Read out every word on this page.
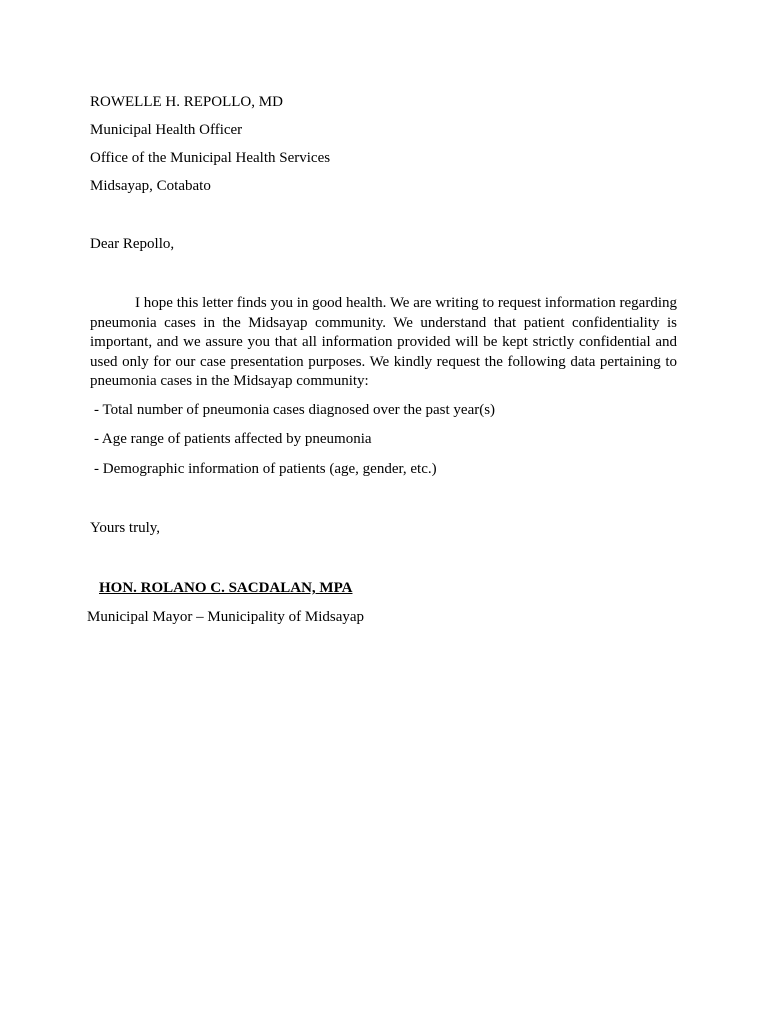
ROWELLE H. REPOLLO, MD
Municipal Health Officer
Office of the Municipal Health Services
Midsayap, Cotabato
Dear Repollo,
I hope this letter finds you in good health. We are writing to request information regarding pneumonia cases in the Midsayap community. We understand that patient confidentiality is important, and we assure you that all information provided will be kept strictly confidential and used only for our case presentation purposes. We kindly request the following data pertaining to pneumonia cases in the Midsayap community:
- Total number of pneumonia cases diagnosed over the past year(s)
- Age range of patients affected by pneumonia
- Demographic information of patients (age, gender, etc.)
Yours truly,
HON. ROLANO C. SACDALAN, MPA
Municipal Mayor – Municipality of Midsayap
